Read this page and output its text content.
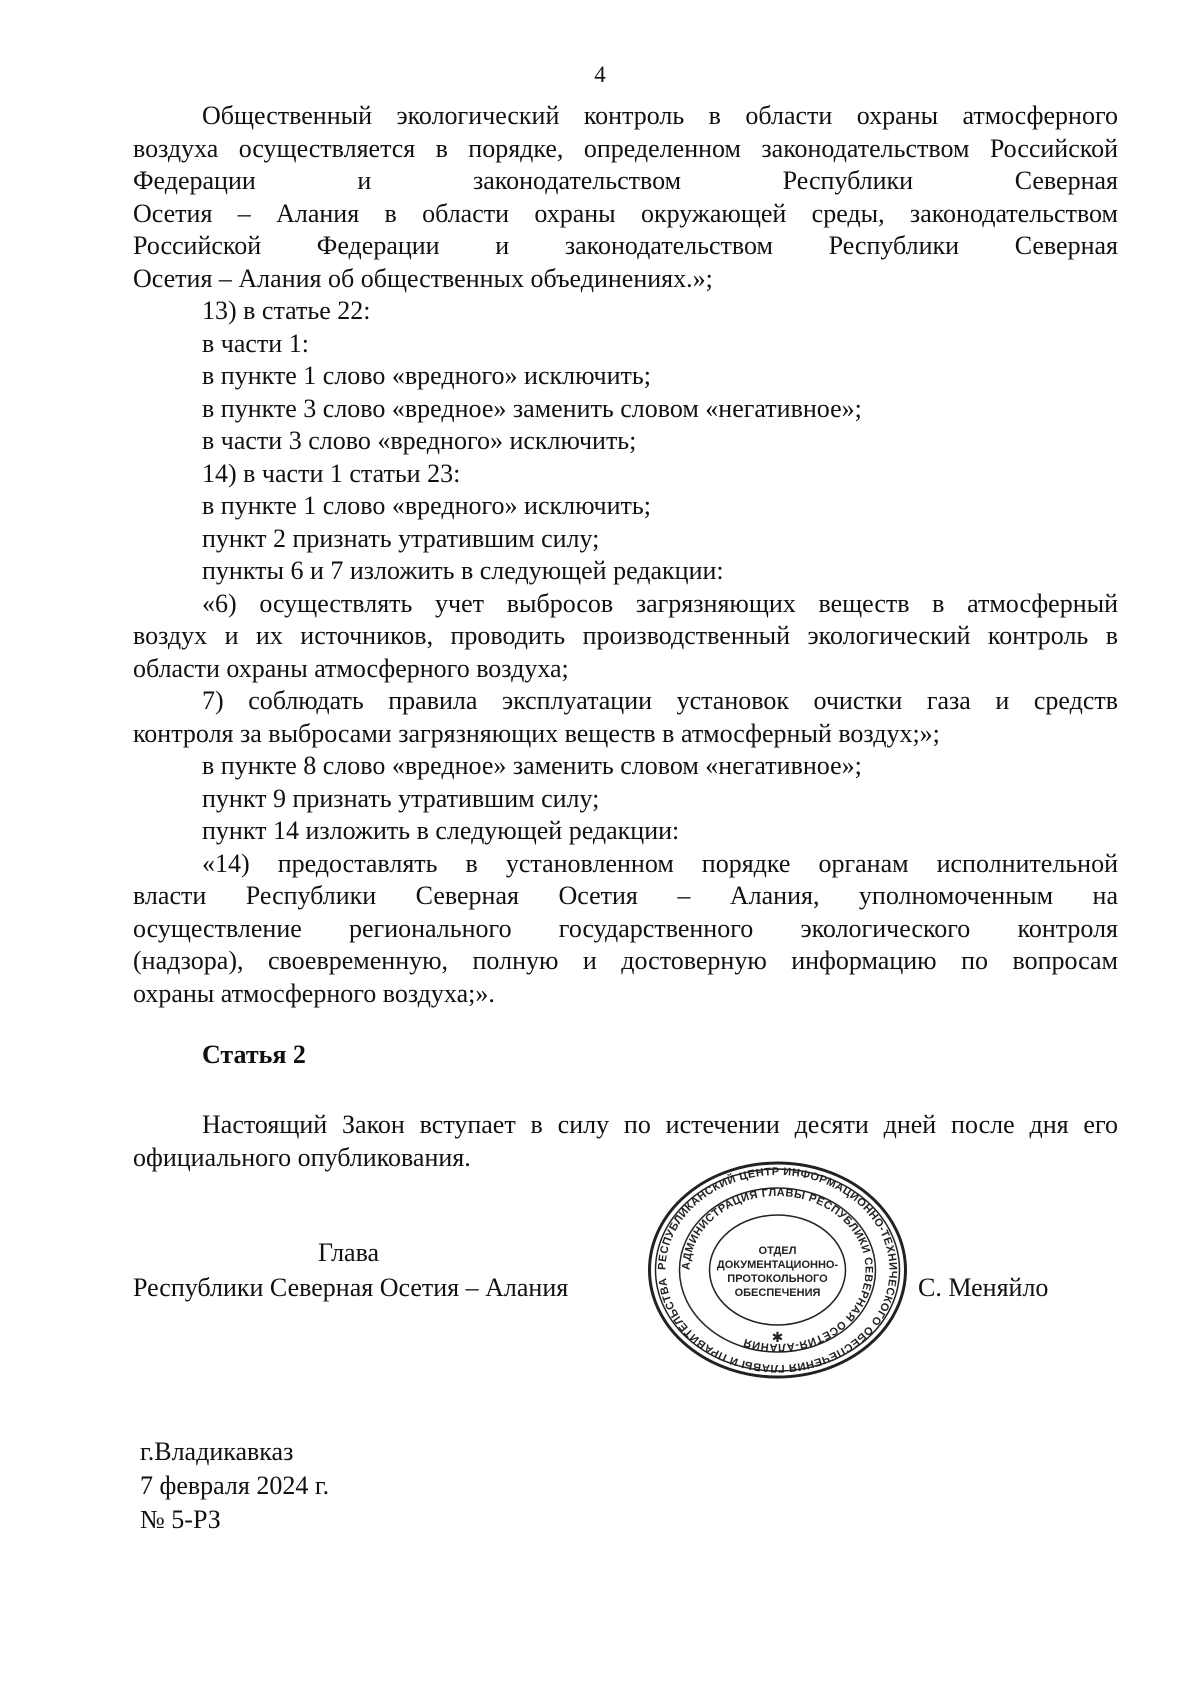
4

Общественный экологический контроль в области охраны атмосферного

воздуха осуществляется в порядке, определенном законодательством Российской

Федерации и законодательством Республики Северная

Осетия – Алания в области охраны окружающей среды, законодательством

Российской Федерации и законодательством Республики Северная

Осетия – Алания об общественных объединениях.»;

13) в статье 22:

в части 1:

в пункте 1 слово «вредного» исключить;

в пункте 3 слово «вредное» заменить словом «негативное»;

в части 3 слово «вредного» исключить;

14) в части 1 статьи 23:

в пункте 1 слово «вредного» исключить;

пункт 2 признать утратившим силу;

пункты 6 и 7 изложить в следующей редакции:

«6) осуществлять учет выбросов загрязняющих веществ в атмосферный

воздух и их источников, проводить производственный экологический контроль в

области охраны атмосферного воздуха;

7) соблюдать правила эксплуатации установок очистки газа и средств

контроля за выбросами загрязняющих веществ в атмосферный воздух;»;

в пункте 8 слово «вредное» заменить словом «негативное»;

пункт 9 признать утратившим силу;

пункт 14 изложить в следующей редакции:

«14) предоставлять в установленном порядке органам исполнительной

власти Республики Северная Осетия – Алания, уполномоченным на

осуществление регионального государственного экологического контроля

(надзора), своевременную, полную и достоверную информацию по вопросам

охраны атмосферного воздуха;».

Статья 2

Настоящий Закон вступает в силу по истечении десяти дней после дня его

официального опубликования.

Глава
Республики Северная Осетия – Алания	С. Меняйло
РЕСПУБЛИКАНСКИЙ ЦЕНТР ИНФОРМАЦИОННО-ТЕХНИЧЕСКОГО ОБЕСПЕЧЕНИЯ ГЛАВЫ И ПРАВИТЕЛЬСТВА
АДМИНИСТРАЦИЯ ГЛАВЫ РЕСПУБЛИКИ СЕВЕРНАЯ ОСЕТИЯ-АЛАНИЯ
ОТДЕЛ
ДОКУМЕНТАЦИОННО-
ПРОТОКОЛЬНОГО
ОБЕСПЕЧЕНИЯ
✱
г.Владикавказ
7 февраля 2024 г.
№ 5-РЗ
